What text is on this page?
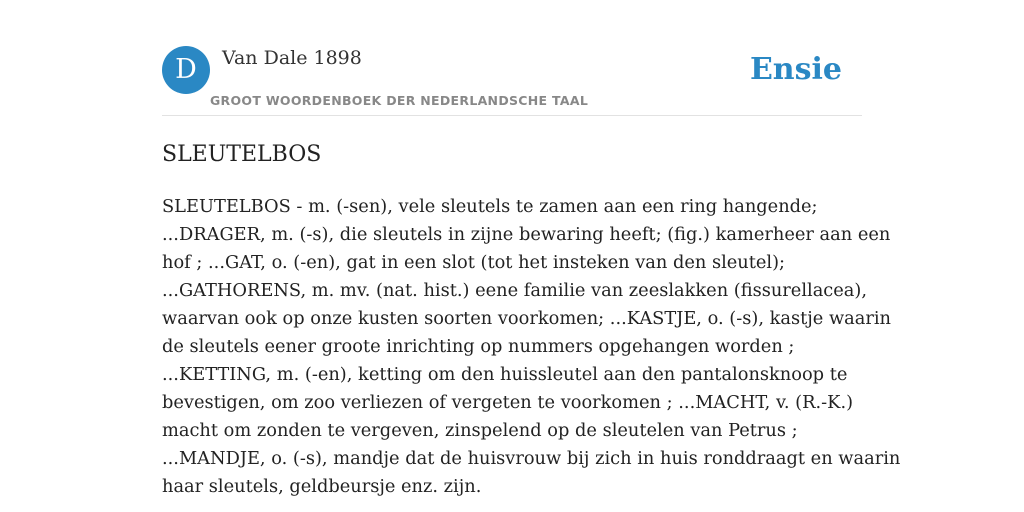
D	Van Dale 1898
GROOT WOORDENBOEK DER NEDERLANDSCHE TAAL
Ensie
SLEUTELBOS
SLEUTELBOS - m. (-sen), vele sleutels te zamen aan een ring hangende;
...DRAGER, m. (-s), die sleutels in zijne bewaring heeft; (fig.) kamerheer aan een
hof ; ...GAT, o. (-en), gat in een slot (tot het insteken van den sleutel);
...GATHORENS, m. mv. (nat. hist.) eene familie van zeeslakken (fissurellacea),
waarvan ook op onze kusten soorten voorkomen; ...KASTJE, o. (-s), kastje waarin
de sleutels eener groote inrichting op nummers opgehangen worden ;
...KETTING, m. (-en), ketting om den huissleutel aan den pantalonsknoop te
bevestigen, om zoo verliezen of vergeten te voorkomen ; ...MACHT, v. (R.-K.)
macht om zonden te vergeven, zinspelend op de sleutelen van Petrus ;
...MANDJE, o. (-s), mandje dat de huisvrouw bij zich in huis ronddraagt en waarin
haar sleutels, geldbeursje enz. zijn.
